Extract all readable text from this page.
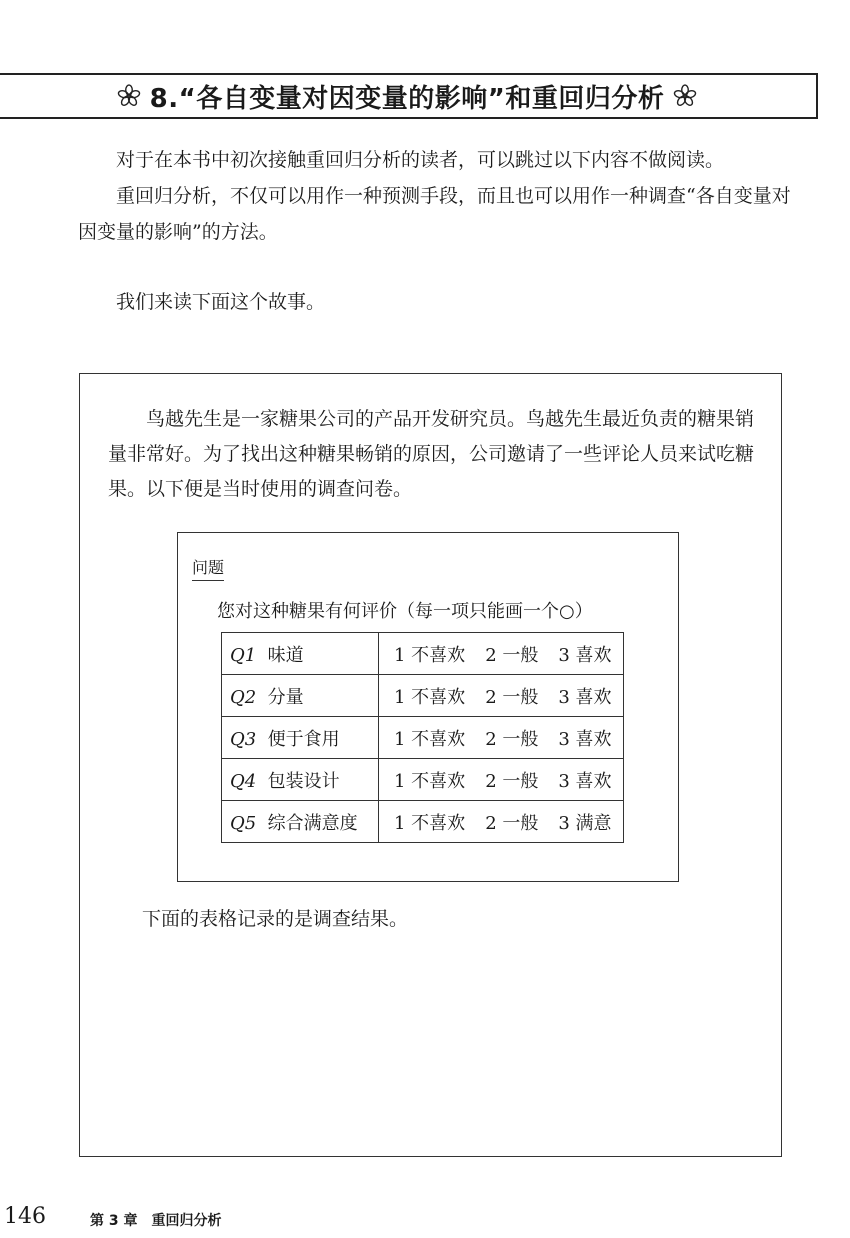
8.“各自变量对因变量的影响”和重回归分析

对于在本书中初次接触重回归分析的读者，可以跳过以下内容不做阅读。

重回归分析，不仅可以用作一种预测手段，而且也可以用作一种调查“各自变量对因变量的影响”的方法。

我们来读下面这个故事。

鸟越先生是一家糖果公司的产品开发研究员。鸟越先生最近负责的糖果销量非常好。为了找出这种糖果畅销的原因，公司邀请了一些评论人员来试吃糖果。以下便是当时使用的调查问卷。

问题
您对这种糖果有何评价（每一项只能画一个○）
Q1 味道	1 不喜欢 2 一般 3 喜欢
Q2 分量	1 不喜欢 2 一般 3 喜欢
Q3 便于食用	1 不喜欢 2 一般 3 喜欢
Q4 包装设计	1 不喜欢 2 一般 3 喜欢
Q5 综合满意度	1 不喜欢 2 一般 3 满意

下面的表格记录的是调查结果。

146	第 3 章　重回归分析
